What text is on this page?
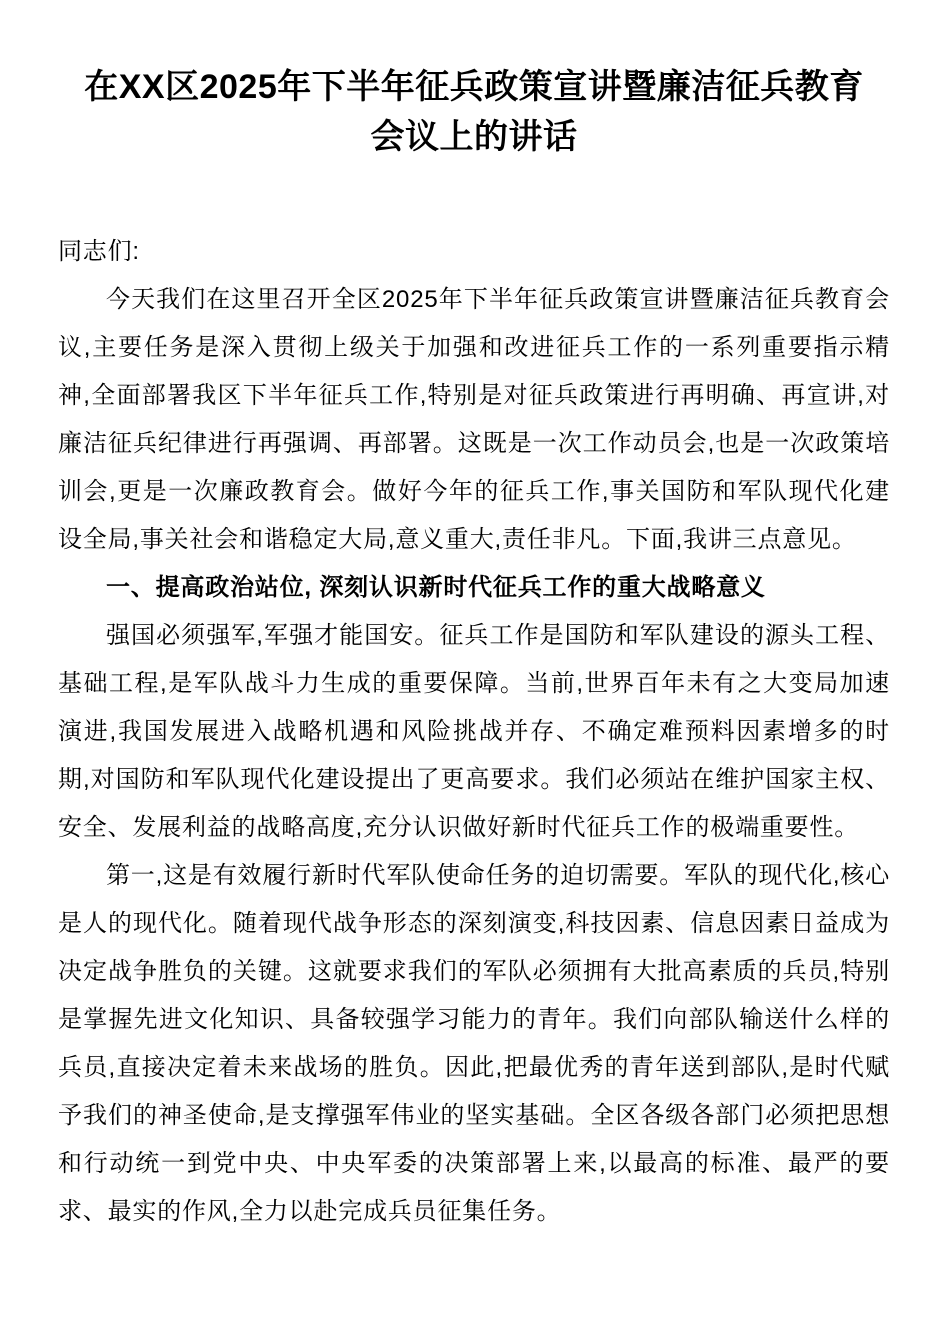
在XX区2025年下半年征兵政策宣讲暨廉洁征兵教育
会议上的讲话

同志们:

今天我们在这里召开全区2025年下半年征兵政策宣讲暨廉洁征兵教育会议,主要任务是深入贯彻上级关于加强和改进征兵工作的一系列重要指示精神,全面部署我区下半年征兵工作,特别是对征兵政策进行再明确、再宣讲,对廉洁征兵纪律进行再强调、再部署。这既是一次工作动员会,也是一次政策培训会,更是一次廉政教育会。做好今年的征兵工作,事关国防和军队现代化建设全局,事关社会和谐稳定大局,意义重大,责任非凡。下面,我讲三点意见。

一、提高政治站位, 深刻认识新时代征兵工作的重大战略意义

强国必须强军,军强才能国安。征兵工作是国防和军队建设的源头工程、基础工程,是军队战斗力生成的重要保障。当前,世界百年未有之大变局加速演进,我国发展进入战略机遇和风险挑战并存、不确定难预料因素增多的时期,对国防和军队现代化建设提出了更高要求。我们必须站在维护国家主权、安全、发展利益的战略高度,充分认识做好新时代征兵工作的极端重要性。

第一,这是有效履行新时代军队使命任务的迫切需要。军队的现代化,核心是人的现代化。随着现代战争形态的深刻演变,科技因素、信息因素日益成为决定战争胜负的关键。这就要求我们的军队必须拥有大批高素质的兵员,特别是掌握先进文化知识、具备较强学习能力的青年。我们向部队输送什么样的兵员,直接决定着未来战场的胜负。因此,把最优秀的青年送到部队,是时代赋予我们的神圣使命,是支撑强军伟业的坚实基础。全区各级各部门必须把思想和行动统一到党中央、中央军委的决策部署上来,以最高的标准、最严的要求、最实的作风,全力以赴完成兵员征集任务。
